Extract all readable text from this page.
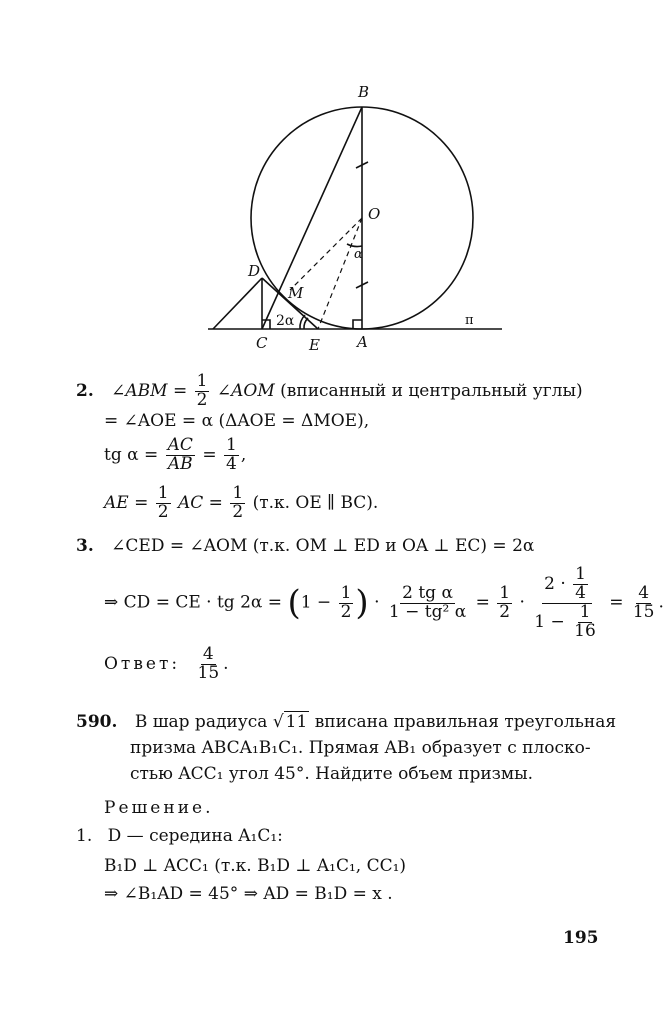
B
O
D
M
α
2α
C	E A
π
2. ∠ABM = $\frac{1}{2}$ ∠AOM (вписанный и центральный углы)
= ∠AOE = α (ΔAOE = ΔMOE),
tg $\alpha = \frac{AC}{AB} = \frac{1}{4}$ ,
AE = $\frac{1}{2}$ AC = $\frac{1}{2} (т.к$. OE ∥ BC).
3. ∠CED = ∠AOM (т.к. OM ⊥ ED и OA ⊥ EC) = 2α
⇒ CD = CE · tg $2\alpha = (1 - \frac{1}{2}$ ) · $\frac{\text{2 tg α}}{\text{1 − tg² α}} = \frac{1}{2} \cdot \frac{2 \cdot \frac{1}{4}}{1 - \frac{1}{16}} = \frac{4}{15}$ .
Ответ: $\frac{4}{15}$ .
590. В шар радиуса √ 11 вписана правильная треугольная
призма ABCA₁B₁C₁. Прямая AB₁ образует с плоско-
стью ACC₁ угол 45°. Найдите объем призмы.
Решение.
1. D — середина A₁C₁:
B₁D ⊥ ACC₁ (т.к. B₁D ⊥ A₁C₁, CC₁)
⇒ ∠B₁AD = 45° ⇒ AD = B₁D = x .
195
